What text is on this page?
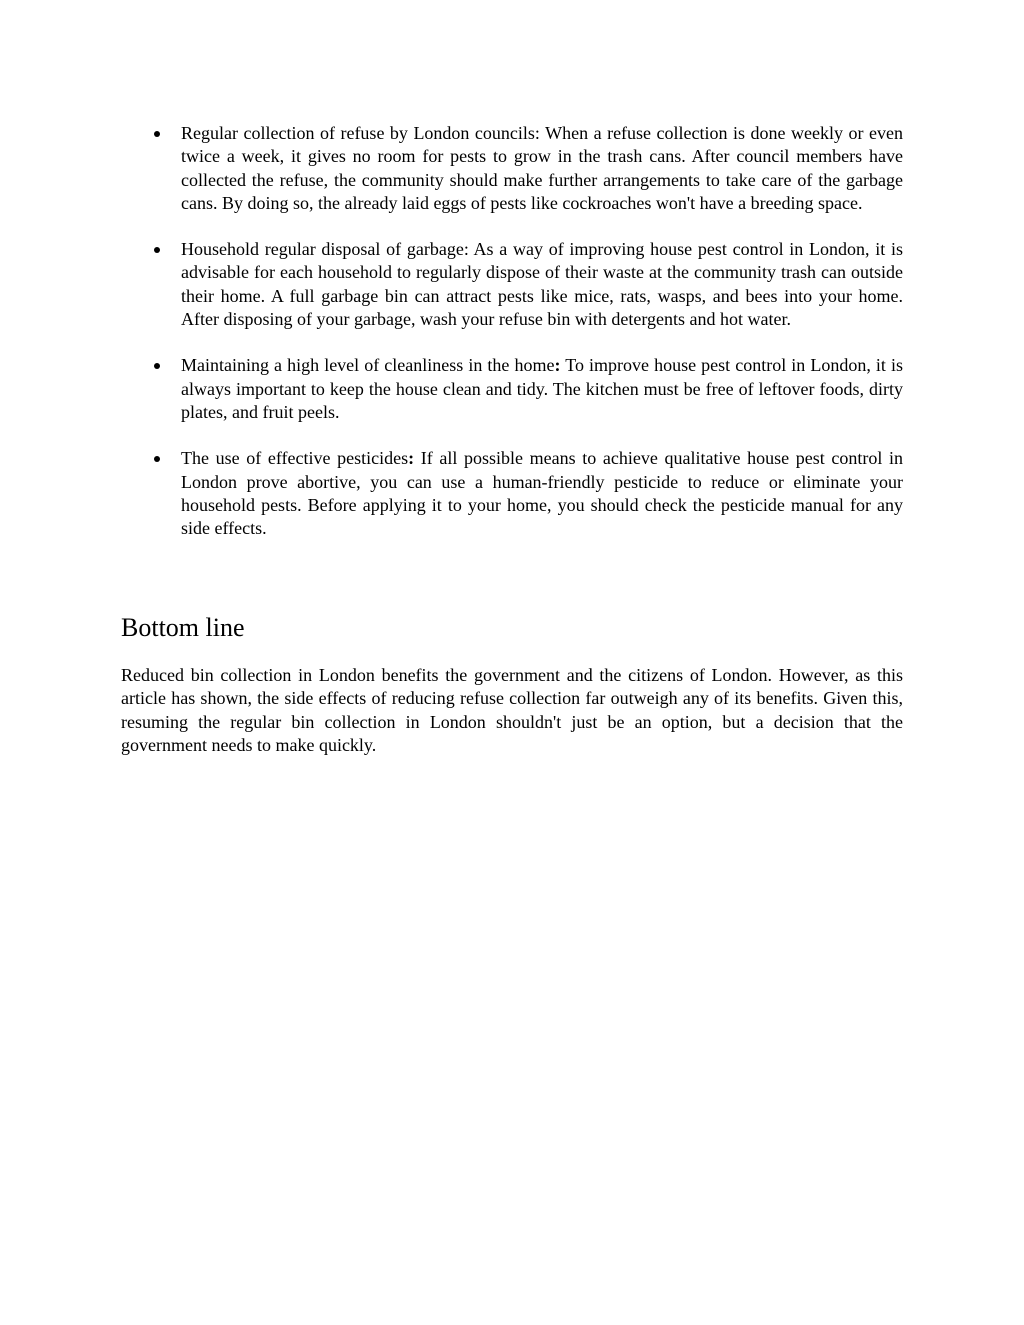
Regular collection of refuse by London councils: When a refuse collection is done weekly or even twice a week, it gives no room for pests to grow in the trash cans. After council members have collected the refuse, the community should make further arrangements to take care of the garbage cans. By doing so, the already laid eggs of pests like cockroaches won't have a breeding space.
Household regular disposal of garbage: As a way of improving house pest control in London, it is advisable for each household to regularly dispose of their waste at the community trash can outside their home. A full garbage bin can attract pests like mice, rats, wasps, and bees into your home. After disposing of your garbage, wash your refuse bin with detergents and hot water.
Maintaining a high level of cleanliness in the home: To improve house pest control in London, it is always important to keep the house clean and tidy. The kitchen must be free of leftover foods, dirty plates, and fruit peels.
The use of effective pesticides: If all possible means to achieve qualitative house pest control in London prove abortive, you can use a human-friendly pesticide to reduce or eliminate your household pests. Before applying it to your home, you should check the pesticide manual for any side effects.
Bottom line

Reduced bin collection in London benefits the government and the citizens of London. However, as this article has shown, the side effects of reducing refuse collection far outweigh any of its benefits. Given this, resuming the regular bin collection in London shouldn't just be an option, but a decision that the government needs to make quickly.
